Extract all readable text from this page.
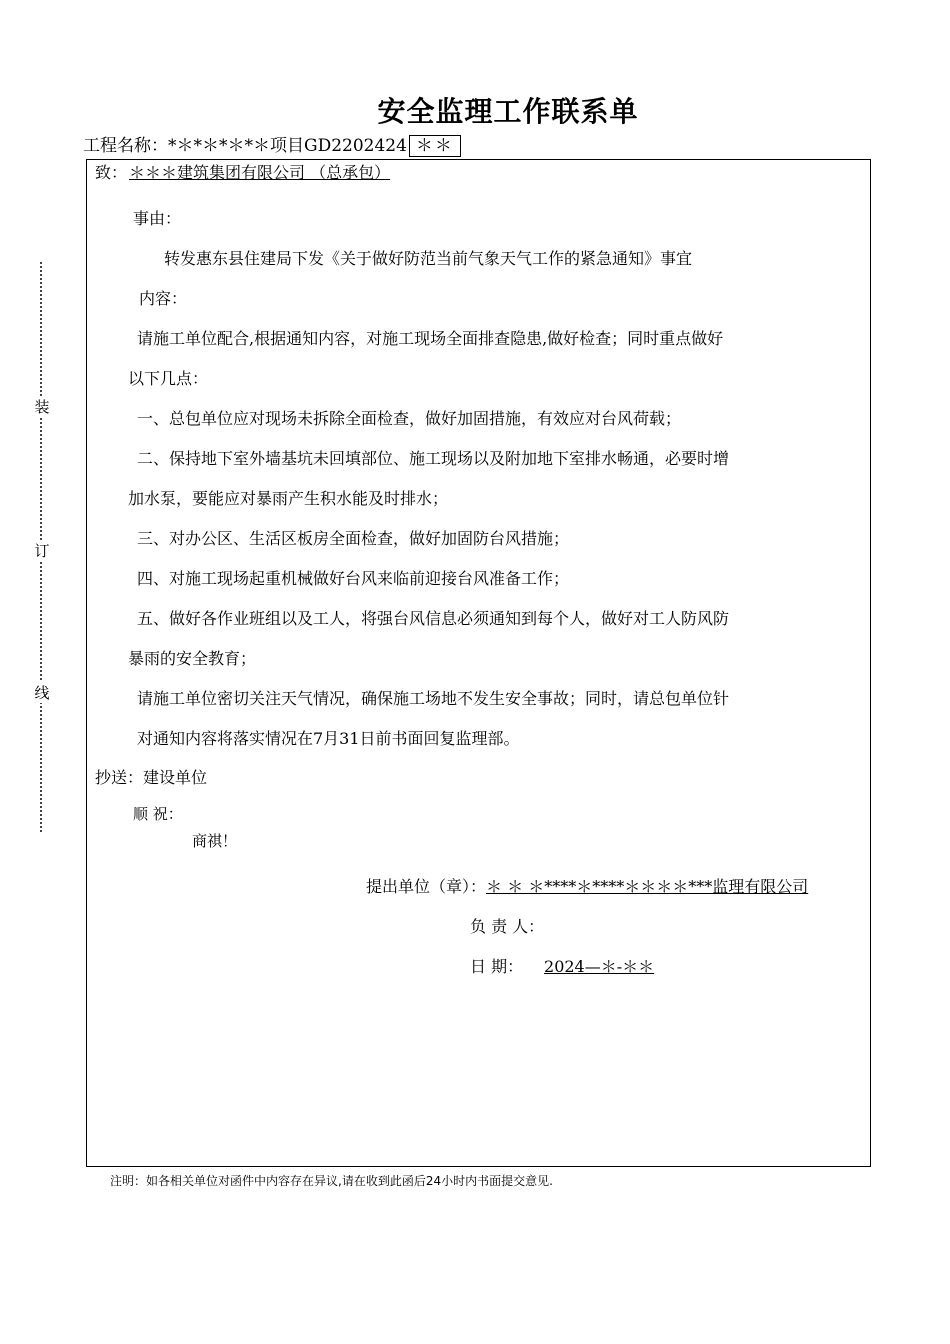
安全监理工作联系单
工程名称：*＊*＊*＊*＊项目GD2202424 ＊＊
装
订
线
致： ＊＊＊建筑集团有限公司 （总承包）
事由：
转发惠东县住建局下发《关于做好防范当前气象天气工作的紧急通知》事宜
内容：
请施工单位配合,根据通知内容，对施工现场全面排查隐患,做好检查；同时重点做好
以下几点：
一、总包单位应对现场未拆除全面检查，做好加固措施，有效应对台风荷载；
二、保持地下室外墙基坑未回填部位、施工现场以及附加地下室排水畅通，必要时增
加水泵，要能应对暴雨产生积水能及时排水；
三、对办公区、生活区板房全面检查，做好加固防台风措施；
四、对施工现场起重机械做好台风来临前迎接台风准备工作；
五、做好各作业班组以及工人，将强台风信息必须通知到每个人，做好对工人防风防
暴雨的安全教育；
请施工单位密切关注天气情况，确保施工场地不发生安全事故；同时，请总包单位针
对通知内容将落实情况在7月31日前书面回复监理部。
抄送：建设单位
顺 祝：
商祺！
提出单位（章）：＊ ＊ ＊****＊****＊＊＊＊***监理有限公司
负 责 人：
日 期： 2024—＊-＊＊
注明：如各相关单位对函件中内容存在异议,请在收到此函后24小时内书面提交意见.
